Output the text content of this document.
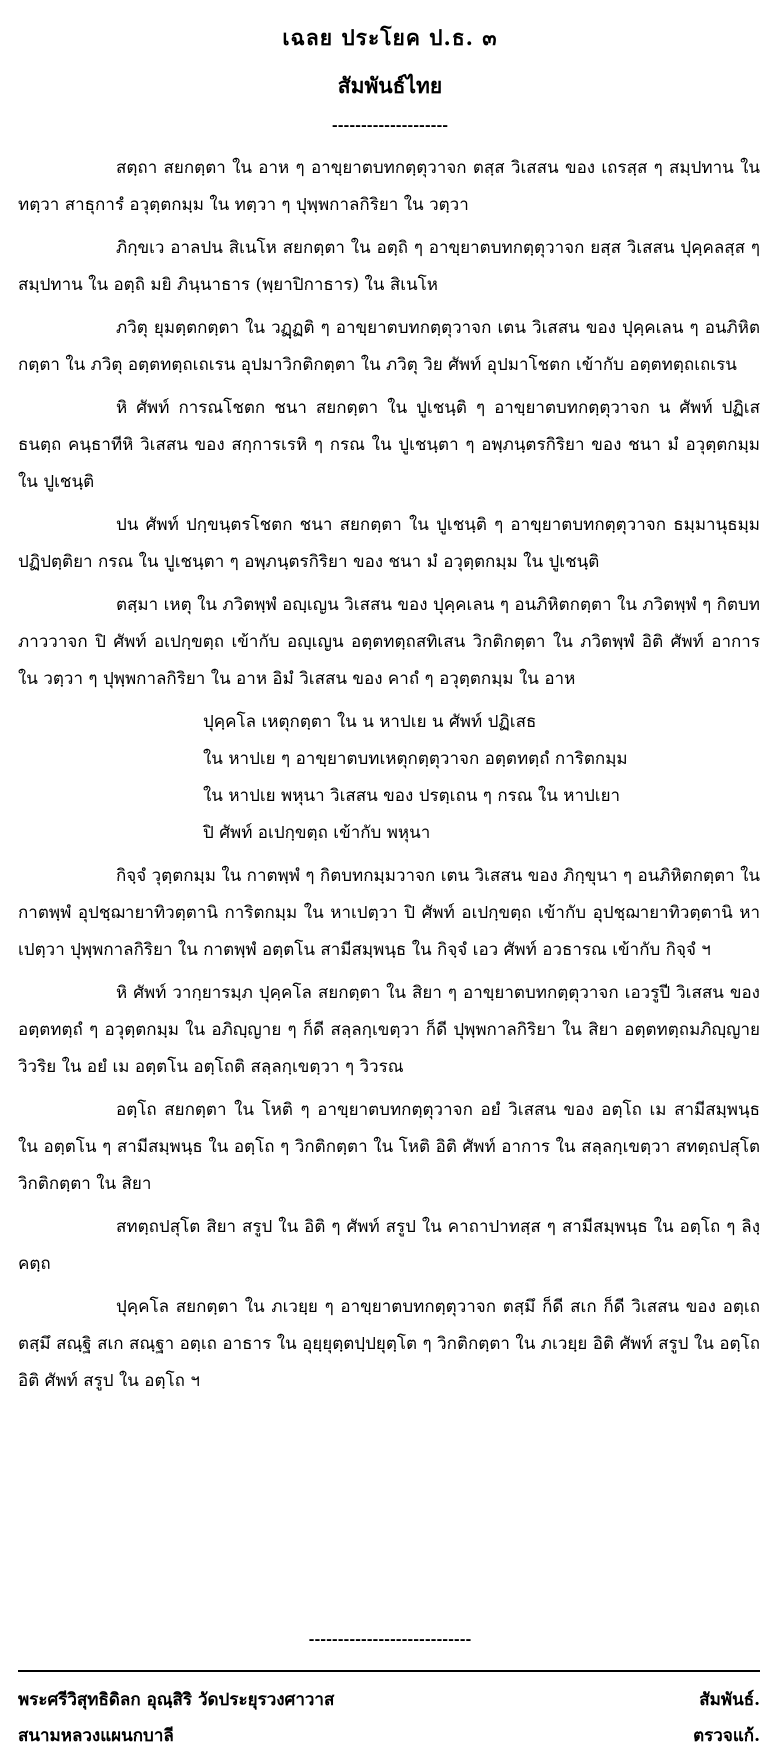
เฉลย ประโยค ป.ธ. ๓
สัมพันธ์ไทย
--------------------

สตฺถา สยกตฺตา ใน อาห ๆ อาขฺยาตบทกตฺตุวาจก ตสฺส วิเสสน ของ เถรสฺส ๆ สมฺปทาน ใน ทตฺวา สาธุการํ อวุตฺตกมฺม ใน ทตฺวา ๆ ปุพฺพกาลกิริยา ใน วตฺวา

ภิกฺขเว อาลปน สิเนโห สยกตฺตา ใน อตฺถิ ๆ อาขฺยาตบทกตฺตุวาจก ยสฺส วิเสสน ปุคฺคลสฺส ๆ สมฺปทาน ใน อตฺถิ มยิ ภินฺนาธาร (พฺยาปิกาธาร) ใน สิเนโห

ภวิตุ ยุมตฺตกตฺตา ใน วฏฺฏติ ๆ อาขฺยาตบทกตฺตุวาจก เตน วิเสสน ของ ปุคฺคเลน ๆ อนภิหิตกตฺตา ใน ภวิตุ อตฺตทตฺถเถเรน อุปมาวิกติกตฺตา ใน ภวิตุ วิย ศัพท์ อุปมาโชตก เข้ากับ อตฺตทตฺถเถเรน

หิ ศัพท์ การณโชตก ชนา สยกตฺตา ใน ปูเชนฺติ ๆ อาขฺยาตบทกตฺตุวาจก น ศัพท์ ปฏิเสธนตฺถ คนฺธาทีหิ วิเสสน ของ สกฺการเรหิ ๆ กรณ ใน ปูเชนฺตา ๆ อพฺภนฺตรกิริยา ของ ชนา มํ อวุตฺตกมฺม ใน ปูเชนฺติ

ปน ศัพท์ ปกฺขนฺตรโชตก ชนา สยกตฺตา ใน ปูเชนฺติ ๆ อาขฺยาตบทกตฺตุวาจก ธมฺมานุธมฺมปฏิปตฺติยา กรณ ใน ปูเชนฺตา ๆ อพฺภนฺตรกิริยา ของ ชนา มํ อวุตฺตกมฺม ใน ปูเชนฺติ

ตสฺมา เหตุ ใน ภวิตพฺพํ อญฺเญน วิเสสน ของ ปุคฺคเลน ๆ อนภิหิตกตฺตา ใน ภวิตพฺพํ ๆ กิตบทภาววาจก ปิ ศัพท์ อเปกฺขตฺถ เข้ากับ อญฺเญน อตฺตทตฺถสทิเสน วิกติกตฺตา ใน ภวิตพฺพํ อิติ ศัพท์ อาการ ใน วตฺวา ๆ ปุพฺพกาลกิริยา ใน อาห อิมํ วิเสสน ของ คาถํ ๆ อวุตฺตกมฺม ใน อาห

ปุคฺคโล เหตุกตฺตา ใน น หาปเย น ศัพท์ ปฏิเสธ

ใน หาปเย ๆ อาขฺยาตบทเหตุกตฺตุวาจก อตฺตทตฺถํ การิตกมฺม

ใน หาปเย พหุนา วิเสสน ของ ปรตฺเถน ๆ กรณ ใน หาปเยา

ปิ ศัพท์ อเปกฺขตฺถ เข้ากับ พหุนา

กิจฺจํ วุตฺตกมฺม ใน กาตพฺพํ ๆ กิตบทกมฺมวาจก เตน วิเสสน ของ ภิกฺขุนา ๆ อนภิหิตกตฺตา ใน กาตพฺพํ อุปชฺฌายาทิวตฺตานิ การิตกมฺม ใน หาเปตฺวา ปิ ศัพท์ อเปกฺขตฺถ เข้ากับ อุปชฺฌายาทิวตฺตานิ หาเปตฺวา ปุพฺพกาลกิริยา ใน กาตพฺพํ อตฺตโน สามีสมฺพนฺธ ใน กิจฺจํ เอว ศัพท์ อวธารณ เข้ากับ กิจฺจํ ฯ

หิ ศัพท์ วากฺยารมฺภ ปุคฺคโล สยกตฺตา ใน สิยา ๆ อาขฺยาตบทกตฺตุวาจก เอวรูปี วิเสสน ของ อตฺตทตฺถํ ๆ อวุตฺตกมฺม ใน อภิญฺญาย ๆ ก็ดี สลฺลกฺเขตฺวา ก็ดี ปุพฺพกาลกิริยา ใน สิยา อตฺตทตฺถมภิญฺญาย วิวริย ใน อยํ เม อตฺตโน อตฺโถติ สลฺลกฺเขตฺวา ๆ วิวรณ

อตฺโถ สยกตฺตา ใน โหติ ๆ อาขฺยาตบทกตฺตุวาจก อยํ วิเสสน ของ อตฺโถ เม สามีสมฺพนฺธ ใน อตฺตโน ๆ สามีสมฺพนฺธ ใน อตฺโถ ๆ วิกติกตฺตา ใน โหติ อิติ ศัพท์ อาการ ใน สลฺลกฺเขตฺวา สทตฺถปสุโต วิกติกตฺตา ใน สิยา

สทตฺถปสุโต สิยา สรูป ใน อิติ ๆ ศัพท์ สรูป ใน คาถาปาทสฺส ๆ สามีสมฺพนฺธ ใน อตฺโถ ๆ ลิงฺคตฺถ

ปุคฺคโล สยกตฺตา ใน ภเวยฺย ๆ อาขฺยาตบทกตฺตุวาจก ตสฺมึ ก็ดี สเก ก็ดี วิเสสน ของ อตฺเถ ตสฺมึ สณฺฐิ สเก สณฺฐา อตฺเถ อาธาร ใน อุยฺยุตฺตปฺปยุตฺโต ๆ วิกติกตฺตา ใน ภเวยฺย อิติ ศัพท์ สรูป ใน อตฺโถ อิติ ศัพท์ สรูป ใน อตฺโถ ฯ

----------------------------
พระศรีวิสุทธิดิลก อุณฺสิริ วัดประยุรวงศาวาส	สัมพันธ์.
สนามหลวงแผนกบาลี	ตรวจแก้.
